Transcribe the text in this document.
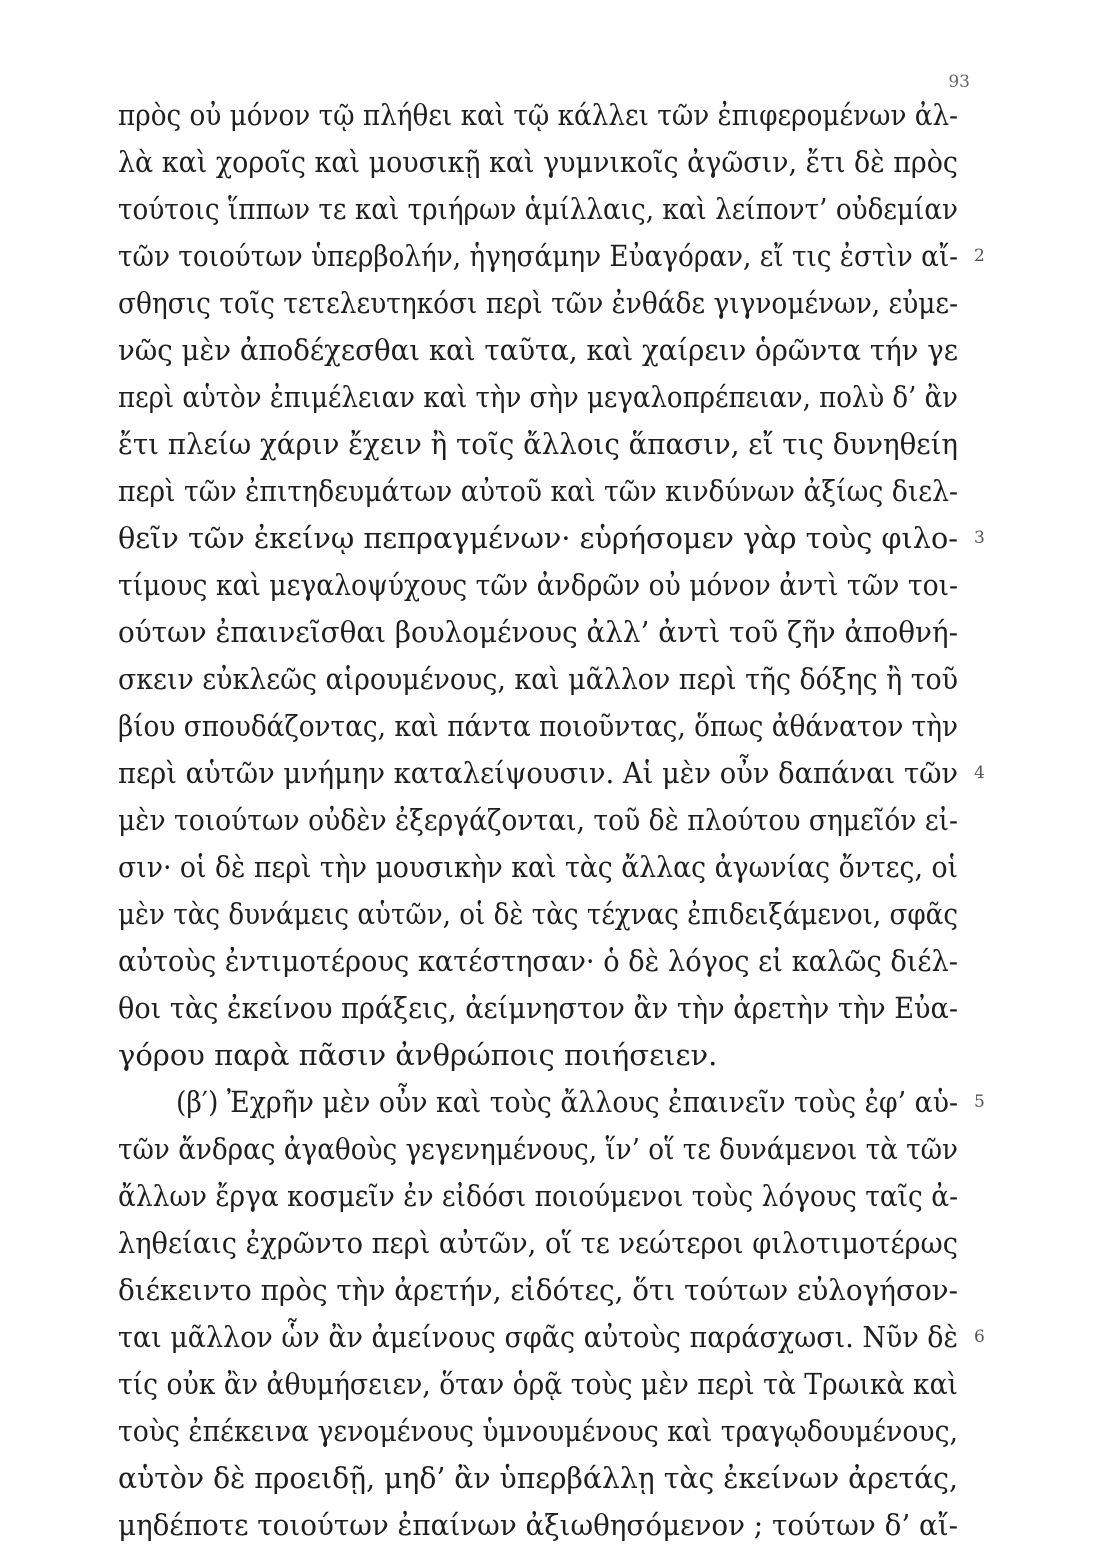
93
πρὸς οὐ μόνον τῷ πλήθει καὶ τῷ κάλλει τῶν ἐπιφερομένων ἀλ-
λὰ καὶ χοροῖς καὶ μουσικῇ καὶ γυμνικοῖς ἀγῶσιν, ἔτι δὲ πρὸς
τούτοις ἵππων τε καὶ τριήρων ἁμίλλαις, καὶ λείποντ’ οὐδεμίαν
τῶν τοιούτων ὑπερβολήν, ἡγησάμην Εὐαγόραν, εἴ τις ἐστὶν αἴ- 2
σθησις τοῖς τετελευτηκόσι περὶ τῶν ἐνθάδε γιγνομένων, εὐμε-
νῶς μὲν ἀποδέχεσθαι καὶ ταῦτα, καὶ χαίρειν ὁρῶντα τήν γε
περὶ αὑτὸν ἐπιμέλειαν καὶ τὴν σὴν μεγαλοπρέπειαν, πολὺ δ’ ἂν
ἔτι πλείω χάριν ἔχειν ἢ τοῖς ἄλλοις ἅπασιν, εἴ τις δυνηθείη
περὶ τῶν ἐπιτηδευμάτων αὐτοῦ καὶ τῶν κινδύνων ἀξίως διελ-
θεῖν τῶν ἐκείνῳ πεπραγμένων· εὑρήσομεν γὰρ τοὺς φιλο- 3
τίμους καὶ μεγαλοψύχους τῶν ἀνδρῶν οὐ μόνον ἀντὶ τῶν τοι-
ούτων ἐπαινεῖσθαι βουλομένους ἀλλ’ ἀντὶ τοῦ ζῆν ἀποθνή-
σκειν εὐκλεῶς αἱρουμένους, καὶ μᾶλλον περὶ τῆς δόξης ἢ τοῦ
βίου σπουδάζοντας, καὶ πάντα ποιοῦντας, ὅπως ἀθάνατον τὴν
περὶ αὑτῶν μνήμην καταλείψουσιν. Αἱ μὲν οὖν δαπάναι τῶν 4
μὲν τοιούτων οὐδὲν ἐξεργάζονται, τοῦ δὲ πλούτου σημεῖόν εἰ-
σιν· οἱ δὲ περὶ τὴν μουσικὴν καὶ τὰς ἄλλας ἀγωνίας ὄντες, οἱ
μὲν τὰς δυνάμεις αὑτῶν, οἱ δὲ τὰς τέχνας ἐπιδειξάμενοι, σφᾶς
αὐτοὺς ἐντιμοτέρους κατέστησαν· ὁ δὲ λόγος εἰ καλῶς διέλ-
θοι τὰς ἐκείνου πράξεις, ἀείμνηστον ἂν τὴν ἀρετὴν τὴν Εὐα-
γόρου παρὰ πᾶσιν ἀνθρώποις ποιήσειεν.
(β′) Ἐχρῆν μὲν οὖν καὶ τοὺς ἄλλους ἐπαινεῖν τοὺς ἐφ’ αὑ- 5
τῶν ἄνδρας ἀγαθοὺς γεγενημένους, ἵν’ οἵ τε δυνάμενοι τὰ τῶν
ἄλλων ἔργα κοσμεῖν ἐν εἰδόσι ποιούμενοι τοὺς λόγους ταῖς ἀ-
ληθείαις ἐχρῶντο περὶ αὐτῶν, οἵ τε νεώτεροι φιλοτιμοτέρως
διέκειντο πρὸς τὴν ἀρετήν, εἰδότες, ὅτι τούτων εὐλογήσον-
ται μᾶλλον ὧν ἂν ἀμείνους σφᾶς αὐτοὺς παράσχωσι. Νῦν δὲ 6
τίς οὐκ ἂν ἀθυμήσειεν, ὅταν ὁρᾷ τοὺς μὲν περὶ τὰ Τρωικὰ καὶ
τοὺς ἐπέκεινα γενομένους ὑμνουμένους καὶ τραγῳδουμένους,
αὑτὸν δὲ προειδῇ, μηδ’ ἂν ὑπερβάλλῃ τὰς ἐκείνων ἀρετάς,
μηδέποτε τοιούτων ἐπαίνων ἀξιωθησόμενον ; τούτων δ’ αἴ-
